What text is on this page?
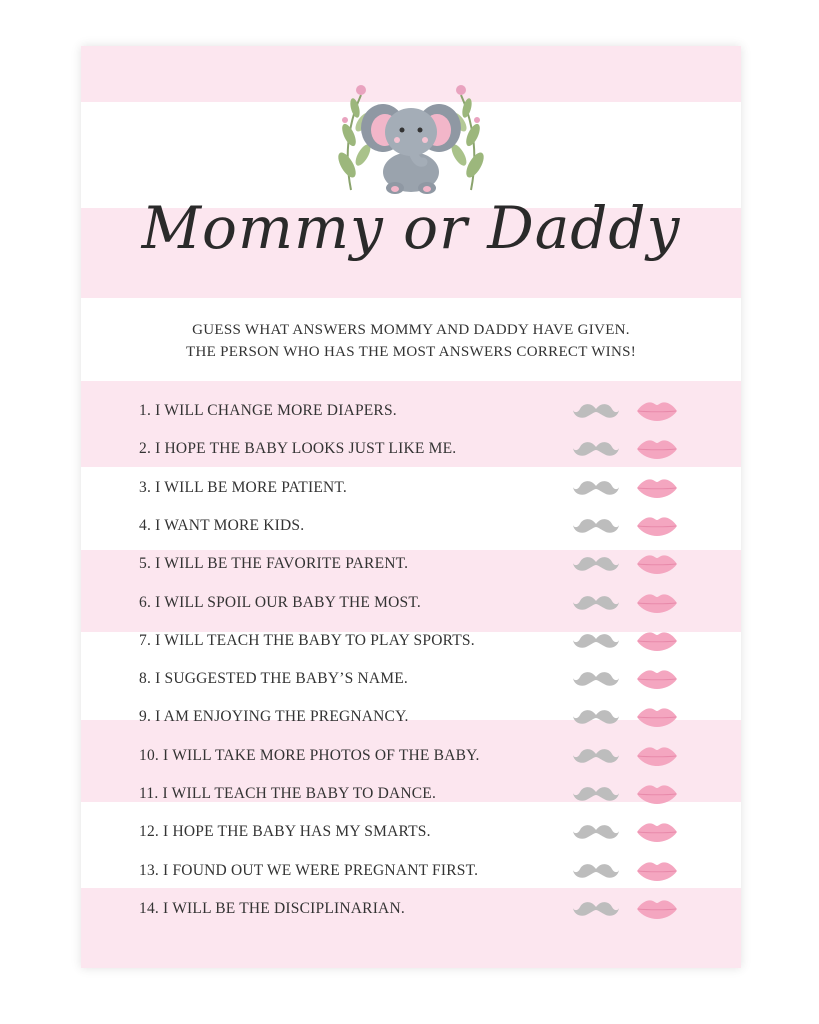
Mommy or Daddy
GUESS WHAT ANSWERS MOMMY AND DADDY HAVE GIVEN.
THE PERSON WHO HAS THE MOST ANSWERS CORRECT WINS!
1. I WILL CHANGE MORE DIAPERS.
2. I HOPE THE BABY LOOKS JUST LIKE ME.
3. I WILL BE MORE PATIENT.
4. I WANT MORE KIDS.
5. I WILL BE THE FAVORITE PARENT.
6. I WILL SPOIL OUR BABY THE MOST.
7. I WILL TEACH THE BABY TO PLAY SPORTS.
8. I SUGGESTED THE BABY’S NAME.
9. I AM ENJOYING THE PREGNANCY.
10. I WILL TAKE MORE PHOTOS OF THE BABY.
11. I WILL TEACH THE BABY TO DANCE.
12. I HOPE THE BABY HAS MY SMARTS.
13. I FOUND OUT WE WERE PREGNANT FIRST.
14. I WILL BE THE DISCIPLINARIAN.
